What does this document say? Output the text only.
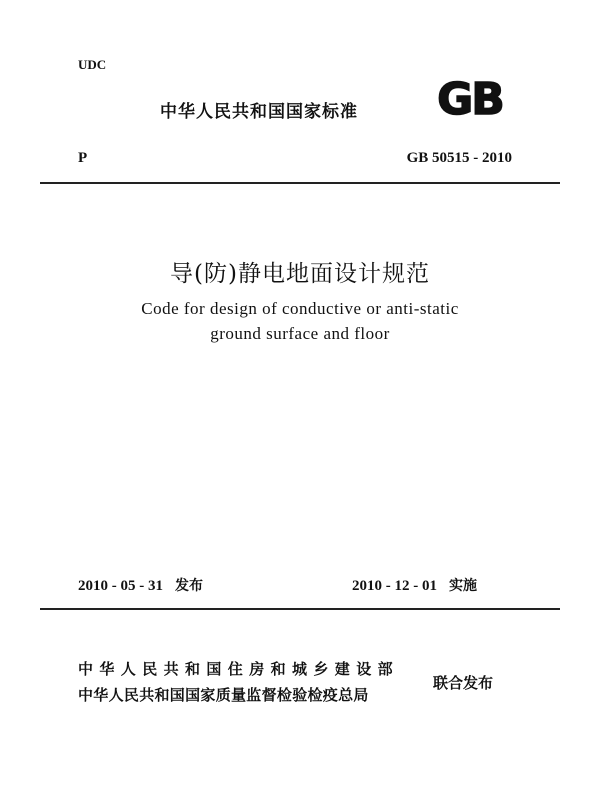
UDC
中华人民共和国国家标准 GB
P	GB 50515 - 2010
导(防)静电地面设计规范
Code for design of conductive or anti-static
ground surface and floor
2010 - 05 - 31 发布	2010 - 12 - 01 实施
中华人民共和国住房和城乡建设部
中华人民共和国国家质量监督检验检疫总局
联合发布
